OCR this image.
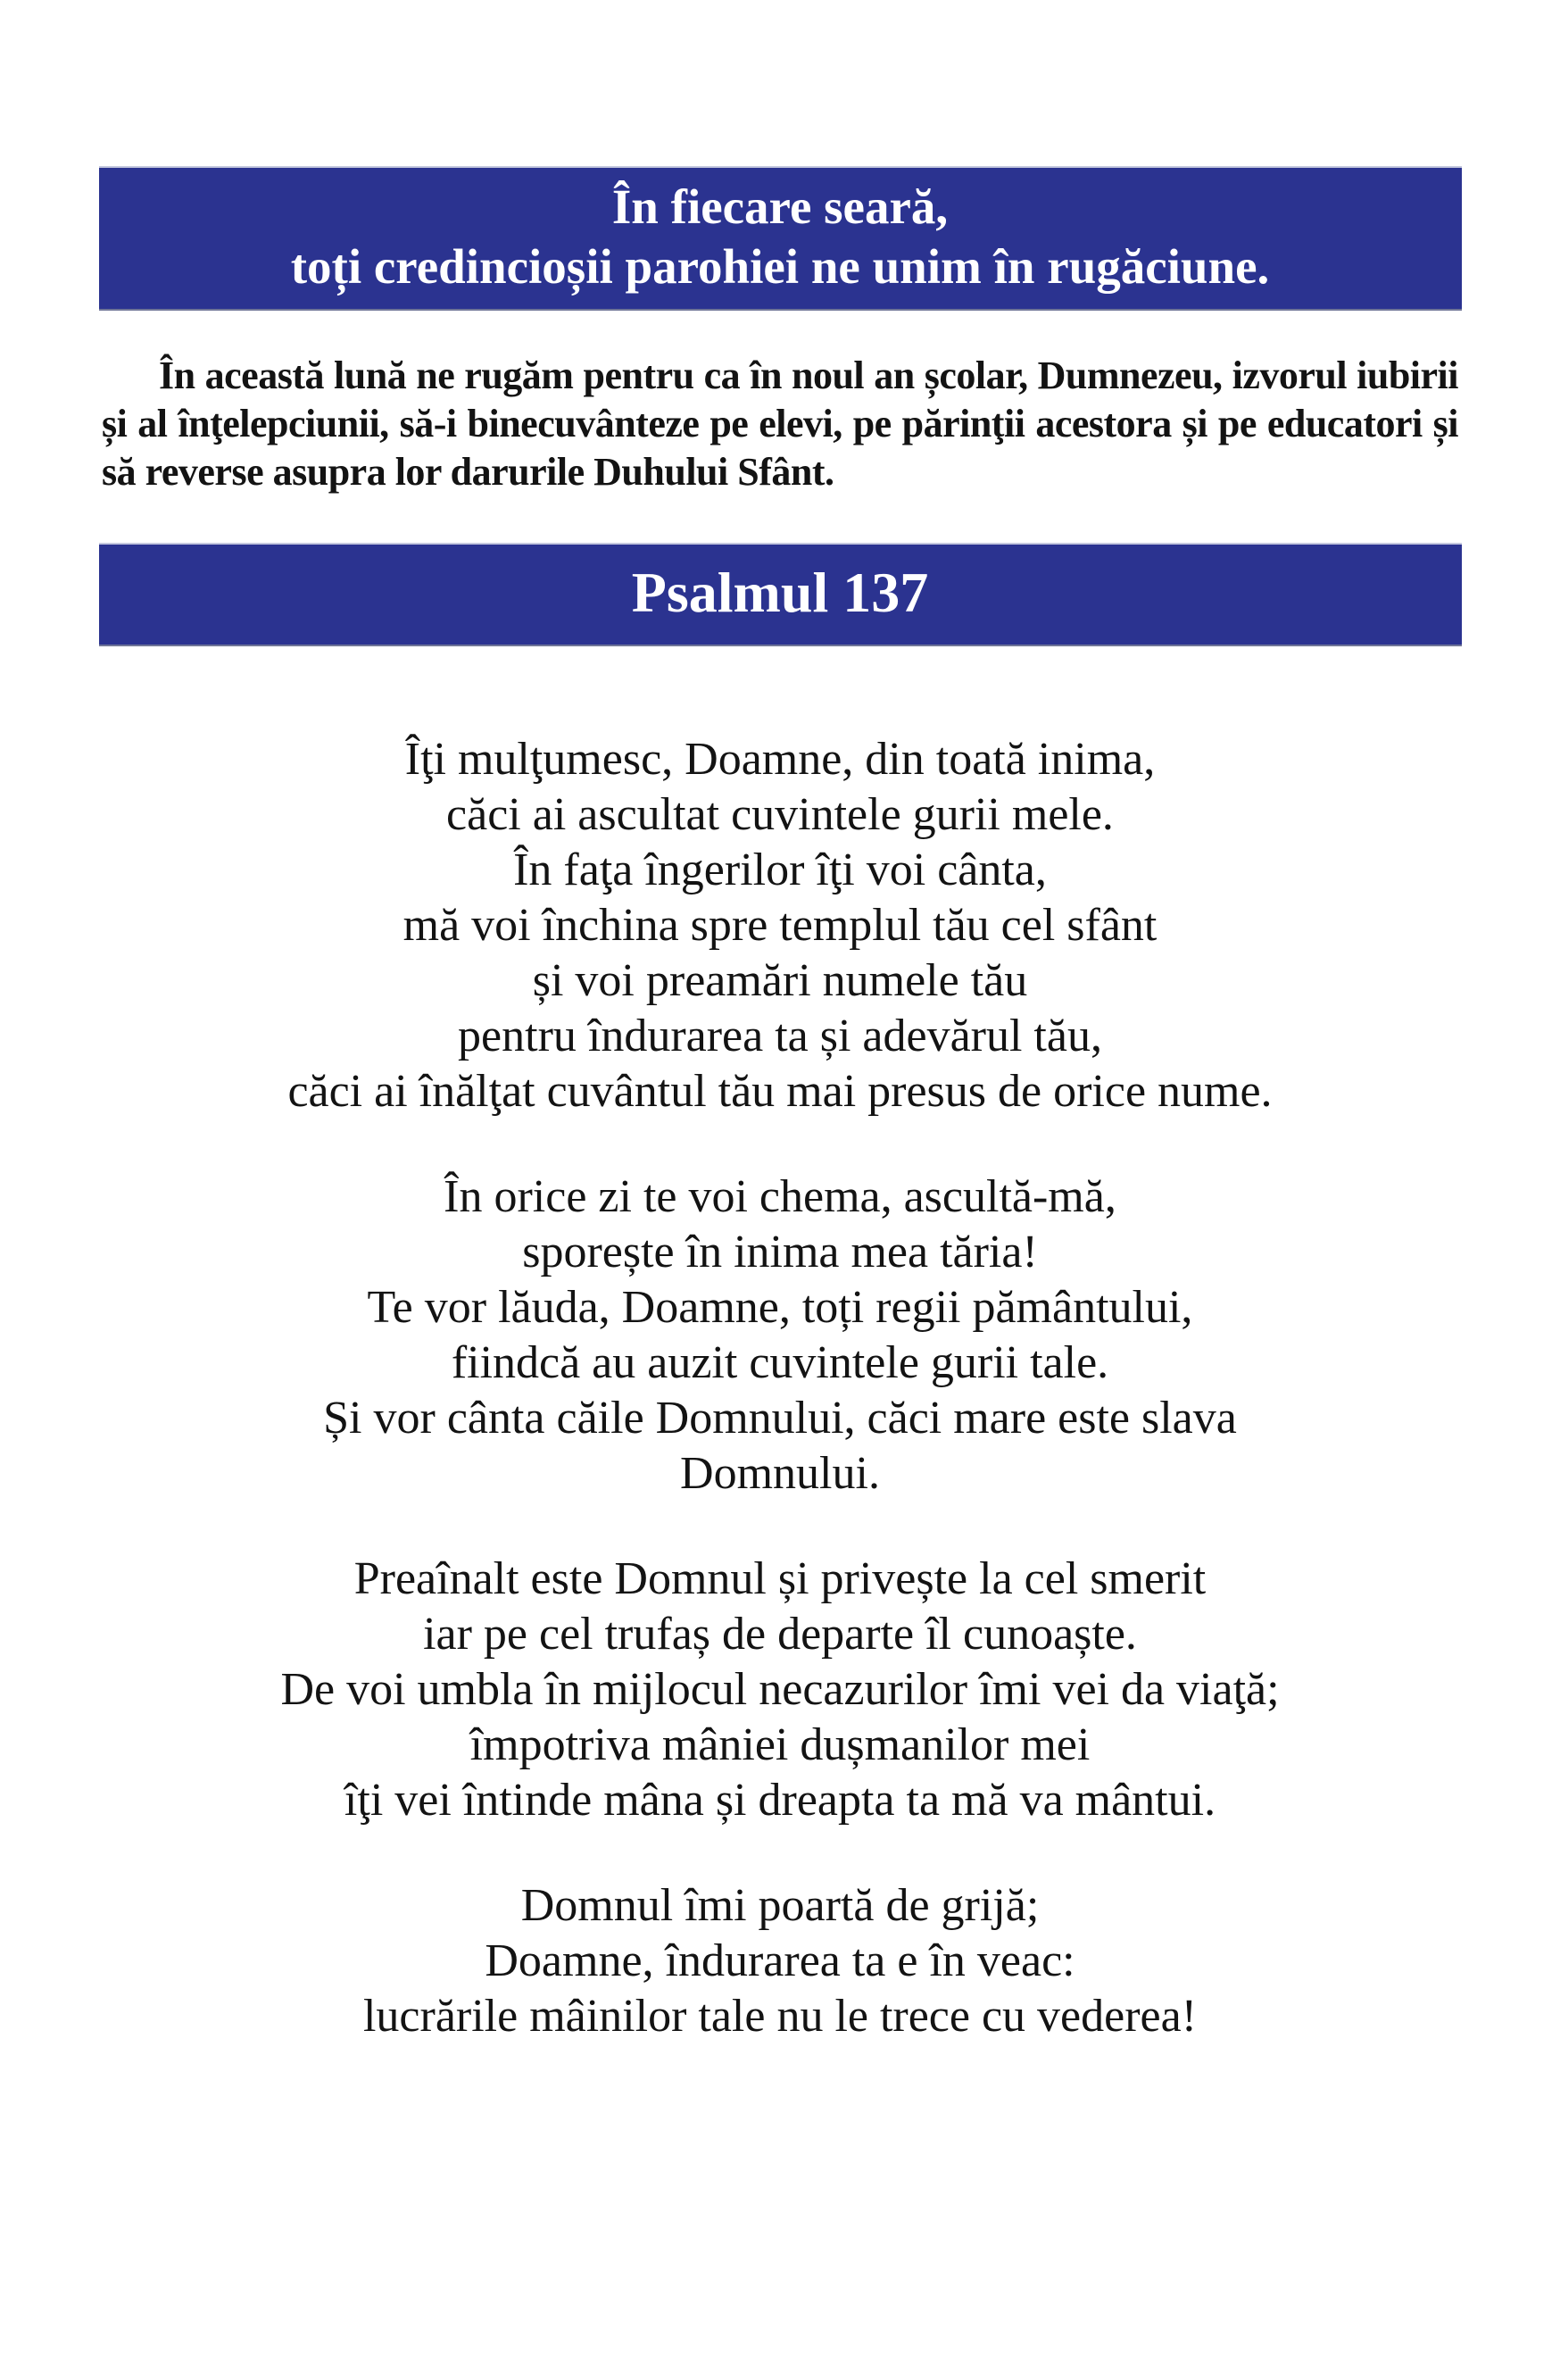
În fiecare seară,
toți credincioșii parohiei ne unim în rugăciune.

În această lună ne rugăm pentru ca în noul an școlar, Dumnezeu, izvorul iubirii și al înţelepciunii, să-i binecuvânteze pe elevi, pe părinţii acestora și pe educatori și să reverse asupra lor darurile Duhului Sfânt.

Psalmul 137
Îţi mulţumesc, Doamne, din toată inima,
căci ai ascultat cuvintele gurii mele.
În faţa îngerilor îţi voi cânta,
mă voi închina spre templul tău cel sfânt
și voi preamări numele tău
pentru îndurarea ta și adevărul tău,
căci ai înălţat cuvântul tău mai presus de orice nume.
În orice zi te voi chema, ascultă-mă,
sporește în inima mea tăria!
Te vor lăuda, Doamne, toți regii pământului,
fiindcă au auzit cuvintele gurii tale.
Și vor cânta căile Domnului, căci mare este slava
Domnului.
Preaînalt este Domnul și privește la cel smerit
iar pe cel trufaș de departe îl cunoaște.
De voi umbla în mijlocul necazurilor îmi vei da viaţă;
împotriva mâniei dușmanilor mei
îţi vei întinde mâna și dreapta ta mă va mântui.
Domnul îmi poartă de grijă;
Doamne, îndurarea ta e în veac:
lucrările mâinilor tale nu le trece cu vederea!
